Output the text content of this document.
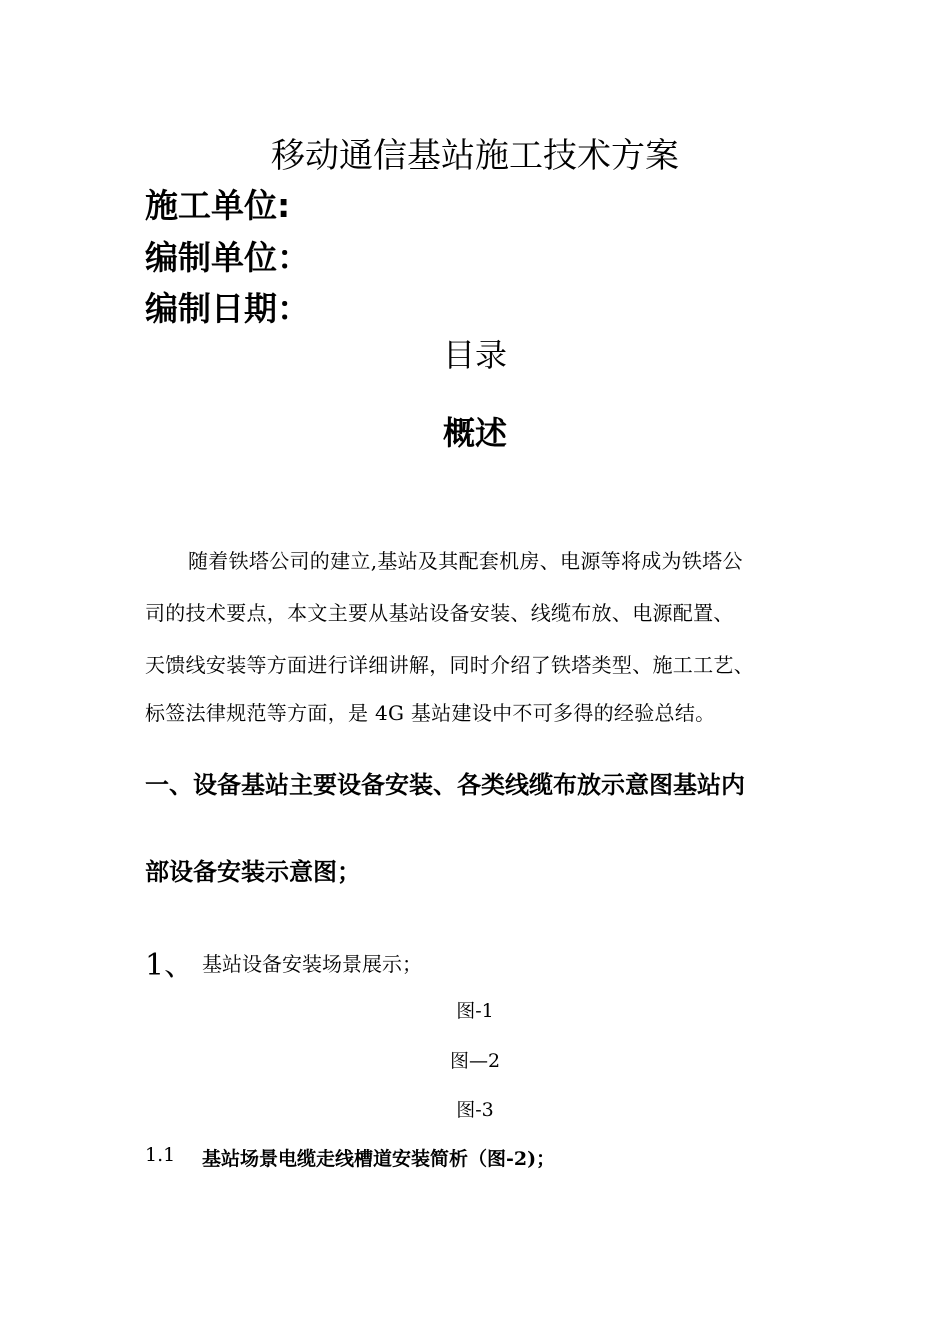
移动通信基站施工技术方案
施工单位:
编制单位：
编制日期：
目录
概述
随着铁塔公司的建立,基站及其配套机房、电源等将成为铁塔公
司的技术要点，本文主要从基站设备安装、线缆布放、电源配置、
天馈线安装等方面进行详细讲解，同时介绍了铁塔类型、施工工艺、
标签法律规范等方面，是 4G 基站建设中不可多得的经验总结。
一、设备基站主要设备安装、各类线缆布放示意图基站内
部设备安装示意图；
1、 基站设备安装场景展示；
图-1
图—2
图-3
1.1 基站场景电缆走线槽道安装简析（图-2)；
